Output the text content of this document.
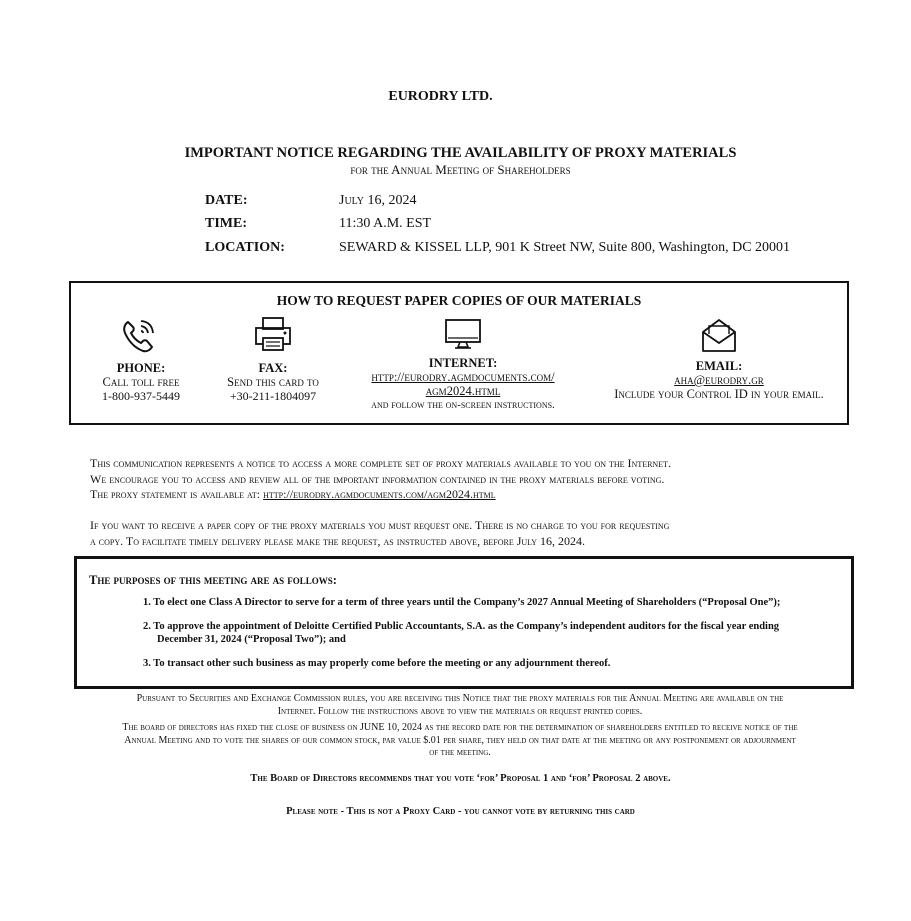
EURODRY LTD.
IMPORTANT NOTICE REGARDING THE AVAILABILITY OF PROXY MATERIALS
for the Annual Meeting of Shareholders
DATE:	July 16, 2024
TIME:	11:30 A.M. EST
LOCATION:	SEWARD & KISSEL LLP, 901 K Street NW, Suite 800, Washington, DC 20001
HOW TO REQUEST PAPER COPIES OF OUR MATERIALS
PHONE:
Call toll free
1-800-937-5449
FAX:
Send this card to
+30-211-1804097
INTERNET:
http://eurodry.agmdocuments.com/
agm2024.html
and follow the on-screen instructions.
EMAIL:
aha@eurodry.gr
Include your Control ID in your email.
This communication represents a notice to access a more complete set of proxy materials available to you on the Internet.
We encourage you to access and review all of the important information contained in the proxy materials before voting.
The proxy statement is available at: http://eurodry.agmdocuments.com/agm2024.html
If you want to receive a paper copy of the proxy materials you must request one. There is no charge to you for requesting
a copy. To facilitate timely delivery please make the request, as instructed above, before July 16, 2024.
The purposes of this meeting are as follows:
1. To elect one Class A Director to serve for a term of three years until the Company’s 2027 Annual Meeting of Shareholders (“Proposal One”);
2. To approve the appointment of Deloitte Certified Public Accountants, S.A. as the Company’s independent auditors for the fiscal year ending
December 31, 2024 (“Proposal Two”); and
3. To transact other such business as may properly come before the meeting or any adjournment thereof.
Pursuant to Securities and Exchange Commission rules, you are receiving this Notice that the proxy materials for the Annual Meeting are available on the
Internet. Follow the instructions above to view the materials or request printed copies.
The board of directors has fixed the close of business on JUNE 10, 2024 as the record date for the determination of shareholders entitled to receive notice of the
Annual Meeting and to vote the shares of our common stock, par value $.01 per share, they held on that date at the meeting or any postponement or adjournment
of the meeting.
The Board of Directors recommends that you vote ‘for’ Proposal 1 and ‘for’ Proposal 2 above.
Please note - This is not a Proxy Card - you cannot vote by returning this card
